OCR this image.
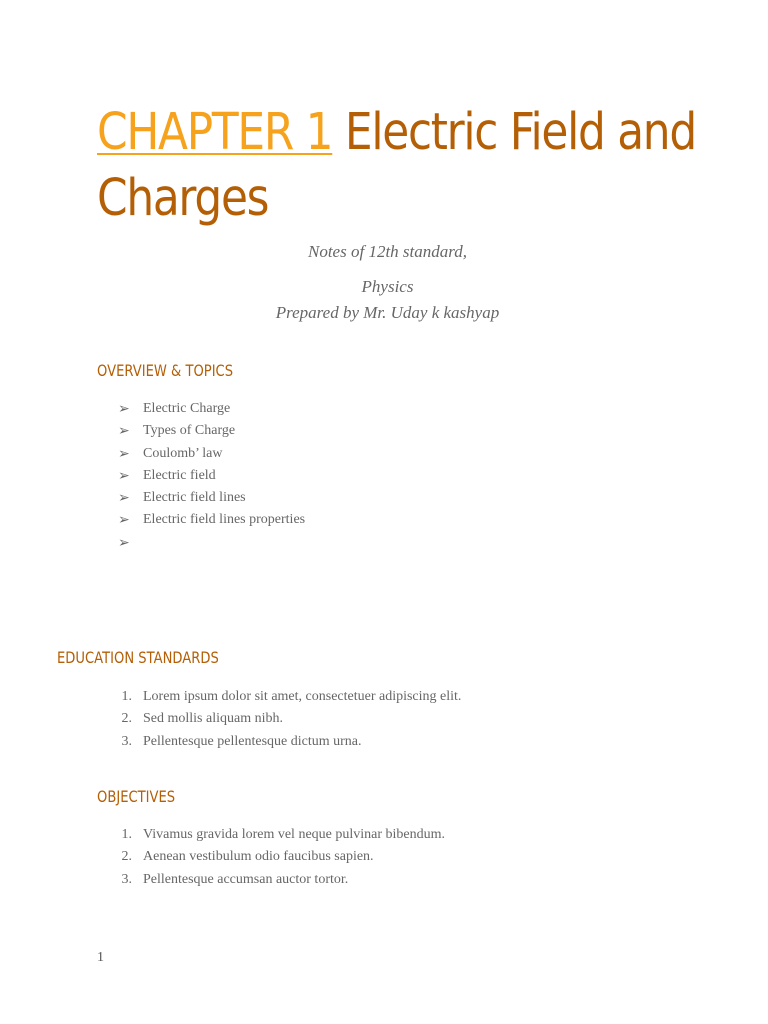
CHAPTER 1 Electric Field and
Charges
Notes of 12th standard,
Physics
Prepared by Mr. Uday k kashyap
OVERVIEW & TOPICS
➢ Electric Charge
➢ Types of Charge
➢ Coulomb’ law
➢ Electric field
➢ Electric field lines
➢ Electric field lines properties
➢
EDUCATION STANDARDS
1. Lorem ipsum dolor sit amet, consectetuer adipiscing elit.
2. Sed mollis aliquam nibh.
3. Pellentesque pellentesque dictum urna.
OBJECTIVES
1. Vivamus gravida lorem vel neque pulvinar bibendum.
2. Aenean vestibulum odio faucibus sapien.
3. Pellentesque accumsan auctor tortor.
1
